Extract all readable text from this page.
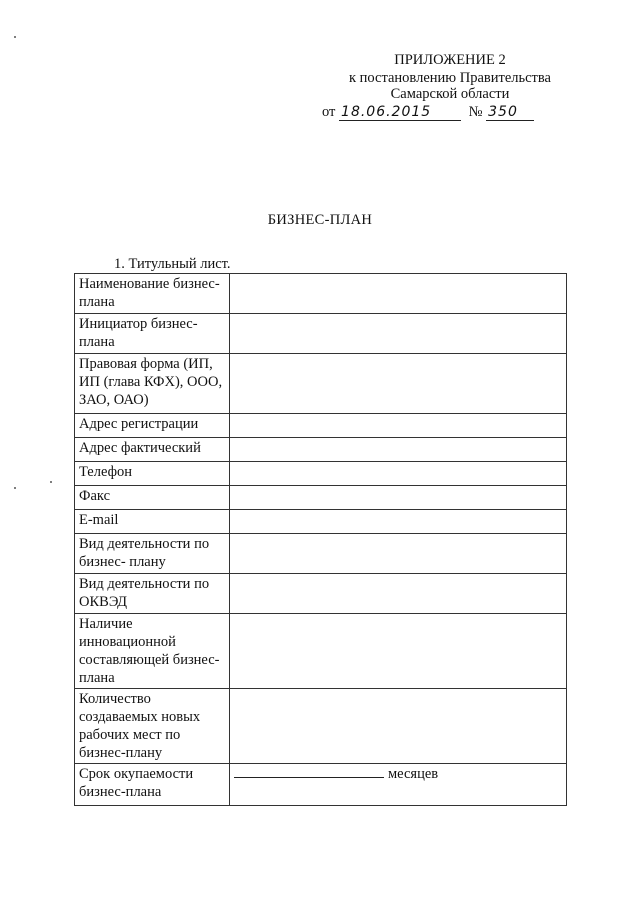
ПРИЛОЖЕНИЕ 2
к постановлению Правительства
Самарской области
от 18.06.2015	№ 350
БИЗНЕС-ПЛАН
1. Титульный лист.
Наименование бизнес-плана	
Инициатор бизнес-плана	
Правовая форма (ИП, ИП (глава КФХ), ООО, ЗАО, ОАО)	
Адрес регистрации	
Адрес фактический	
Телефон	
Факс	
E-mail	
Вид деятельности по бизнес- плану	
Вид деятельности по ОКВЭД	
Наличие инновационной составляющей бизнес-плана	
Количество создаваемых новых рабочих мест по бизнес-плану	
Срок окупаемости бизнес-плана	месяцев
